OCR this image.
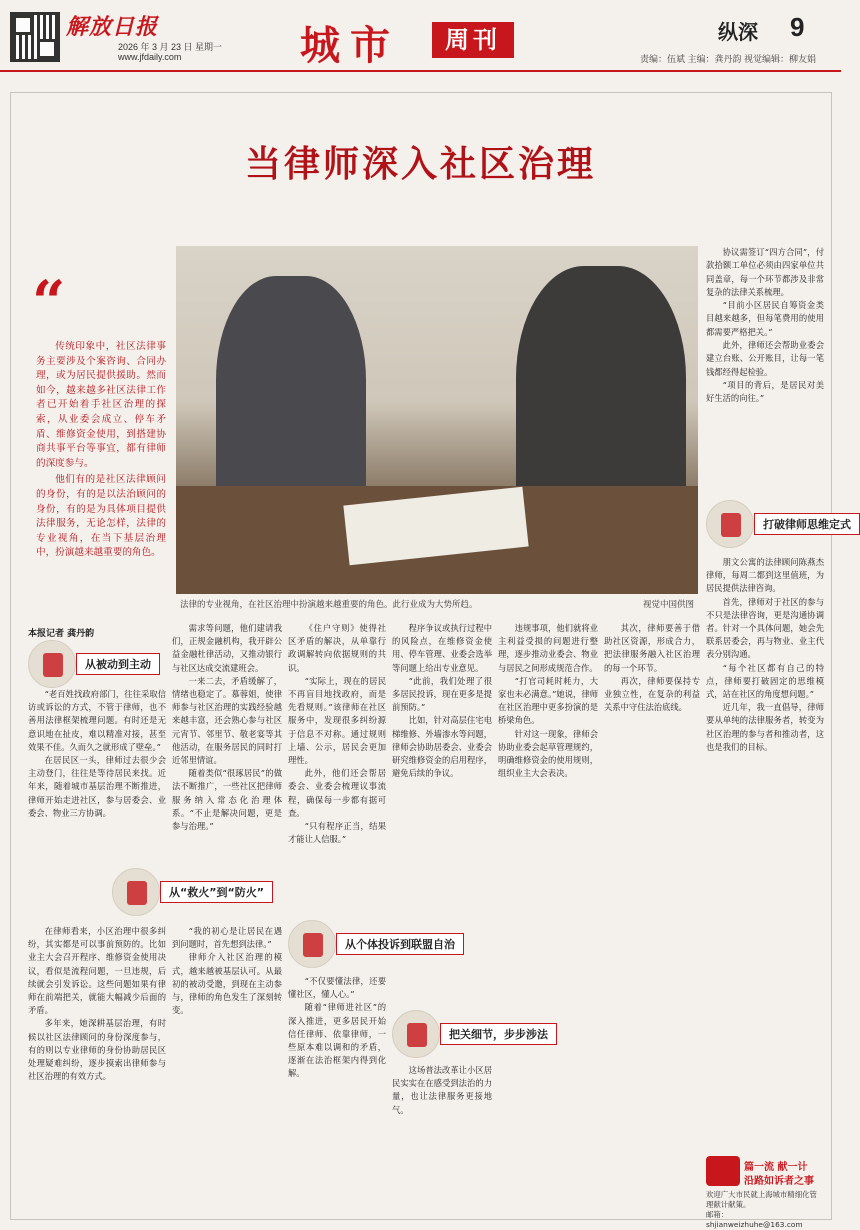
解放日报
2026 年 3 月 23 日 星期一
www.jfdaily.com	城市	周刊	纵深 9
责编：伍斌 主编：龚丹韵 视觉编辑：柳友娟
当律师深入社区治理
“

传统印象中，社区法律事务主要涉及个案咨询、合同办理，或为居民提供援助。然而如今，越来越多社区法律工作者已开始着手社区治理的探索，从业委会成立、停车矛盾、维修资金使用，到搭建协商共事平台等事宜，都有律师的深度参与。

他们有的是社区法律顾问的身份，有的是以法治顾问的身份，有的是为具体项目提供法律服务，无论怎样，法律的专业视角，在当下基层治理中，扮演越来越重要的角色。

法律的专业视角，在社区治理中扮演越来越重要的角色。此行业成为大势所趋。	视觉中国供图

协议需签订“四方合同”，付款拾额工单位必须由四家单位共同盖章，每一个环节都涉及非常复杂的法律关系梳理。

“目前小区居民自筹资金类目越来越多，但每笔费用的使用都需要严格把关。”

此外，律师还会帮助业委会建立台账、公开账目，让每一笔钱都经得起检验。

“项目的背后，是居民对美好生活的向往。”

打破律师思维定式
本报记者 龚丹韵
从被动到主动
从“救火”到“防火”
从个体投诉到联盟自治
把关细节，步步涉法

“老百姓找政府部门，往往采取信访或诉讼的方式，不管于律师，也不善用法律框架梳理问题。有时还是无意识地在扯皮，难以精准对接，甚至效果不佳。久而久之就形成了壁垒。”

在居民区一头，律师过去很少会主动登门，往往是等待居民来找。近年来，随着城市基层治理不断推进，律师开始走进社区，参与居委会、业委会、物业三方协调。

在律师看来，小区治理中很多纠纷，其实都是可以事前预防的。比如业主大会召开程序、维修资金使用决议，看似是流程问题，一旦违规，后续就会引发诉讼。这些问题如果有律师在前端把关，就能大幅减少后面的矛盾。

多年来，她深耕基层治理，有时候以社区法律顾问的身份深度参与，有的则以专业律师的身份协助居民区处理疑难纠纷，逐步摸索出律师参与社区治理的有效方式。

需求等问题，他们建请我们，正规金融机构，我开辟公益金融杜律活动，又推动银行与社区达成交流建班会。

一来二去，矛盾缓解了，情绪也稳定了。慕蓉姐，使律师参与社区治理的实践经验越来越丰富，还会熟心参与社区元宵节、邻里节、敬老宴等其他活动，在服务居民的同时打近邻里情谊。

随着类似“很琢居民”的做法不断推广，一些社区把律师服务纳入常态化治理体系。“不止是解决问题，更是参与治理。”

“我的初心是让居民在遇到问题时，首先想到法律。”

律师介入社区治理的模式，越来越被基层认可。从最初的被动受邀，到现在主动参与，律师的角色发生了深刻转变。

《住户守则》使得社区矛盾的解决，从单靠行政调解转向依据规则的共识。

“实际上，现在的居民不再盲目地找政府，而是先看规则。”该律师在社区服务中，发现很多纠纷源于信息不对称。通过规则上墙、公示，居民会更加理性。

此外，他们还会帮居委会、业委会梳理议事流程，确保每一步都有据可查。

“只有程序正当，结果才能让人信服。”

“不仅要懂法律，还要懂社区，懂人心。”

随着“律师进社区”的深入推进，更多居民开始信任律师、依靠律师，一些原本难以调和的矛盾，逐渐在法治框架内得到化解。

程序争议或执行过程中的风险点，在维修资金使用、停车管理、业委会选举等问题上给出专业意见。

“此前，我们处理了很多居民投诉，现在更多是提前预防。”

比如，针对高层住宅电梯维修、外墙渗水等问题，律师会协助居委会、业委会研究维修资金的启用程序，避免后续的争议。

这场普法改革让小区居民实实在在感受到法治的力量，也让法律服务更接地气。

违规事项，他们就将业主利益受损的问题进行整理，逐步推动业委会、物业与居民之间形成规范合作。

“打官司耗时耗力，大家也未必满意。”她说，律师在社区治理中更多扮演的是桥梁角色。

针对这一现象，律师会协助业委会起草管理规约，明确维修资金的使用规则，组织业主大会表决。

其次，律师要善于借助社区资源，形成合力，把法律服务融入社区治理的每一个环节。

再次，律师要保持专业独立性，在复杂的利益关系中守住法治底线。

朋文公寓的法律顾问陈燕杰律师，每周二都到这里值班，为居民提供法律咨询。

首先，律师对于社区的参与不只是法律咨询，更是沟通协调者。针对一个具体问题，她会先联系居委会，再与物业、业主代表分别沟通。

“每个社区都有自己的特点，律师要打破固定的思维模式，站在社区的角度想问题。”

近几年，我一直倡导，律师要从单纯的法律服务者，转变为社区治理的参与者和推动者，这也是我们的目标。

篇一流 献一计
沿路如诉者之事
欢迎广大市民就上海城市精细化管理献计献策。
邮箱：shjianweizhuhe@163.com
